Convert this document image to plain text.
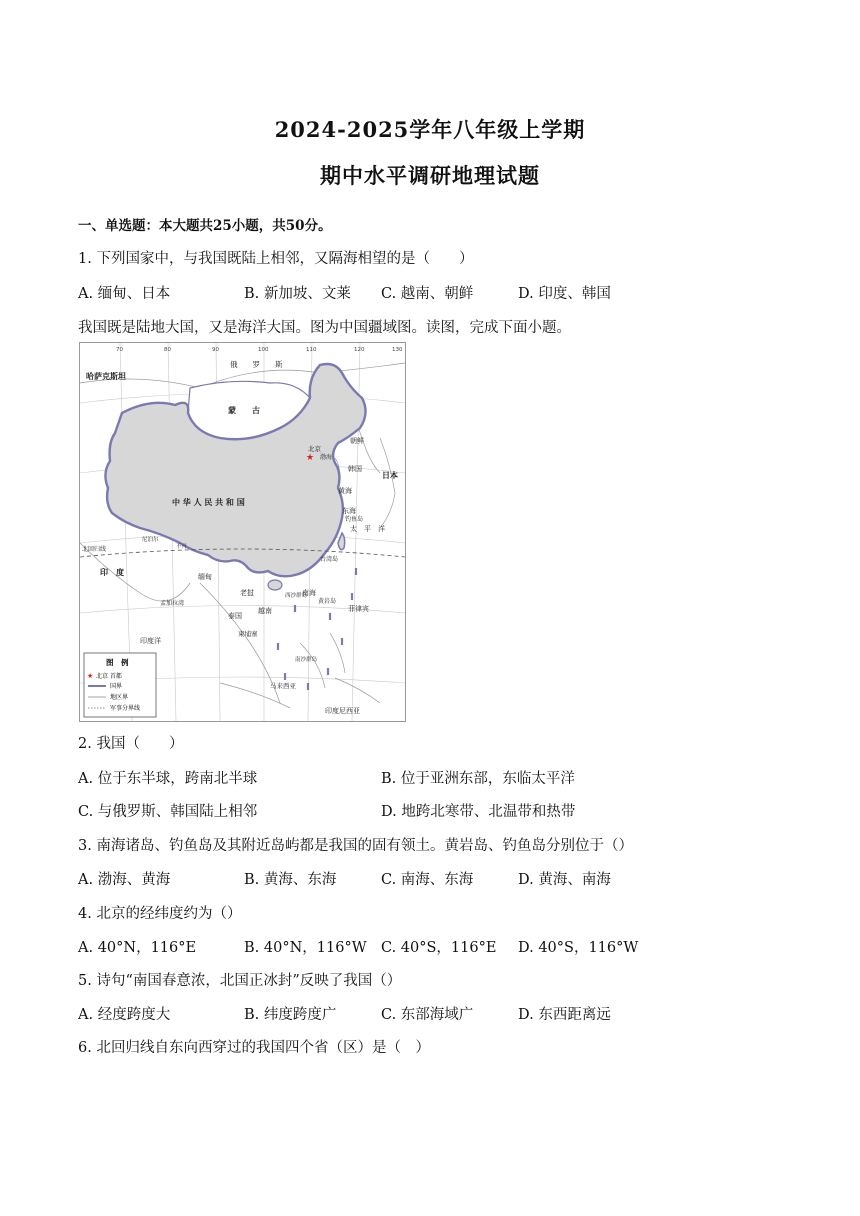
2024-2025学年八年级上学期
期中水平调研地理试题
一、单选题：本大题共25小题，共50分。
1. 下列国家中，与我国既陆上相邻，又隔海相望的是（　　）
A. 缅甸、日本	B. 新加坡、文莱 C. 越南、朝鲜	D. 印度、韩国
我国既是陆地大国，又是海洋大国。图为中国疆域图。读图，完成下面小题。
俄　　罗　　斯
哈萨克斯坦
蒙　　古
中 华 人 民 共 和 国
北京
日本
朝鲜
韩国
印　度	缅甸
老挝
泰国
越南
柬埔寨
菲律宾
太　平　洋
印度洋
台湾岛
钓鱼岛
黄岩岛
黄海
东海
南海
渤海
西沙群岛
南沙群岛
马来西亚
印度尼西亚
北回归线
尼泊尔
不丹
孟加拉湾
70	80	90	100	110	120	130
★
图　例
★ 北京 首都
国界
地区界
军事分界线
2. 我国（　　）
A. 位于东半球，跨南北半球	B. 位于亚洲东部，东临太平洋
C. 与俄罗斯、韩国陆上相邻	D. 地跨北寒带、北温带和热带
3. 南海诸岛、钓鱼岛及其附近岛屿都是我国的固有领土。黄岩岛、钓鱼岛分别位于（）
A. 渤海、黄海	B. 黄海、东海	C. 南海、东海	D. 黄海、南海
4. 北京的经纬度约为（）
A. 40°N，116°E	B. 40°N，116°W C. 40°S，116°E D. 40°S，116°W
5. 诗句“南国春意浓，北国正冰封”反映了我国（）
A. 经度跨度大	B. 纬度跨度广	C. 东部海域广	D. 东西距离远
6. 北回归线自东向西穿过的我国四个省（区）是（　）
